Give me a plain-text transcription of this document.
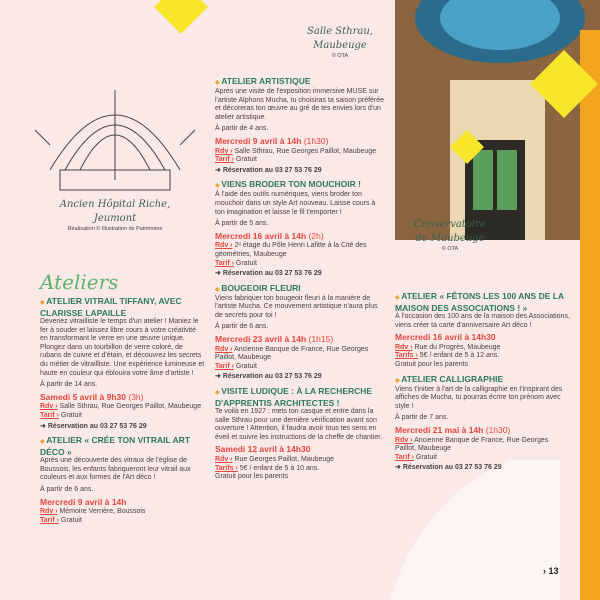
Salle Sthrau,
Maubeuge
© OTA
Conservatoire
de Maubeuge
© OTA
Ancien Hôpital Riche,
Jeumont
Réalisation © Illustration de Patrimoine
Ateliers
◆ ATELIER VITRAIL TIFFANY, AVEC CLARISSE LAPAILLE

Devenez vitrailliste le temps d'un atelier ! Maniez le fer à souder et laissez libre cours à votre créativité en transformant le verre en une œuvre unique. Plongez dans un tourbillon de verre coloré, de rubans de cuivre et d'étain, et découvrez les secrets du métier de vitrailliste. Une expérience lumineuse et haute en couleur qui éblouira votre âme d'artiste !

À partir de 14 ans.

Samedi 5 avril à 9h30 (3h)
Rdv › Salle Sthrau, Rue Georges Paillot, Maubeuge
Tarif › Gratuit
➜ Réservation au 03 27 53 76 29
◆ ATELIER « CRÉE TON VITRAIL ART DÉCO »

Après une découverte des vitraux de l'église de Boussois, les enfants fabriqueront leur vitrail aux couleurs et aux formes de l'Art déco !

À partir de 6 ans.

Mercredi 9 avril à 14h
Rdv › Mémoire Verrière, Boussois
Tarif › Gratuit
◆ ATELIER ARTISTIQUE

Après une visite de l'exposition immersive MUSE sur l'artiste Alphons Mucha, tu choisiras ta saison préférée et décoreras ton œuvre au gré de tes envies lors d'un atelier artistique.

À partir de 4 ans.

Mercredi 9 avril à 14h (1h30)
Rdv › Salle Sthrau, Rue Georges Paillot, Maubeuge
Tarif › Gratuit
➜ Réservation au 03 27 53 76 29
◆ VIENS BRODER TON MOUCHOIR !

À l'aide des outils numériques, viens broder ton mouchoir dans un style Art nouveau. Laisse cours à ton imagination et laisse le fil t'emporter !

À partir de 5 ans.

Mercredi 16 avril à 14h (2h)
Rdv › 2ᵉ étage du Pôle Henri Lafitte à la Cité des géométries, Maubeuge
Tarif › Gratuit
➜ Réservation au 03 27 53 76 29
◆ BOUGEOIR FLEURI

Viens fabriquer ton bougeoir fleuri à la manière de l'artiste Mucha. Ce mouvement artistique n'aura plus de secrets pour toi !

À partir de 6 ans.

Mercredi 23 avril à 14h (1h15)
Rdv › Ancienne Banque de France, Rue Georges Paillot, Maubeuge
Tarif › Gratuit
➜ Réservation au 03 27 53 76 29
◆ VISITE LUDIQUE : À LA RECHERCHE D'APPRENTIS ARCHITECTES !

Te voilà en 1927 : mets ton casque et entre dans la salle Sthrau pour une dernière vérification avant son ouverture ! Attention, il faudra avoir tous tes sens en éveil et suivre les instructions de la cheffe de chantier.

Samedi 12 avril à 14h30
Rdv › Rue Georges Paillot, Maubeuge
Tarifs › 5€ / enfant de 5 à 10 ans.
Gratuit pour les parents
◆ ATELIER « FÊTONS LES 100 ANS DE LA MAISON DES ASSOCIATIONS ! »

À l'occasion des 100 ans de la maison des Associations, viens créer ta carte d'anniversaire Art déco !

Mercredi 16 avril à 14h30
Rdv › Rue du Progrès, Maubeuge
Tarifs › 5€ / enfant de 5 à 12 ans.
Gratuit pour les parents
◆ ATELIER CALLIGRAPHIE

Viens t'initier à l'art de la calligraphie en t'inspirant des affiches de Mucha, tu pourras écrire ton prénom avec style !

À partir de 7 ans.

Mercredi 21 mai à 14h (1h30)
Rdv › Ancienne Banque de France, Rue Georges Paillot, Maubeuge
Tarif › Gratuit
➜ Réservation au 03 27 53 76 29
› 13
